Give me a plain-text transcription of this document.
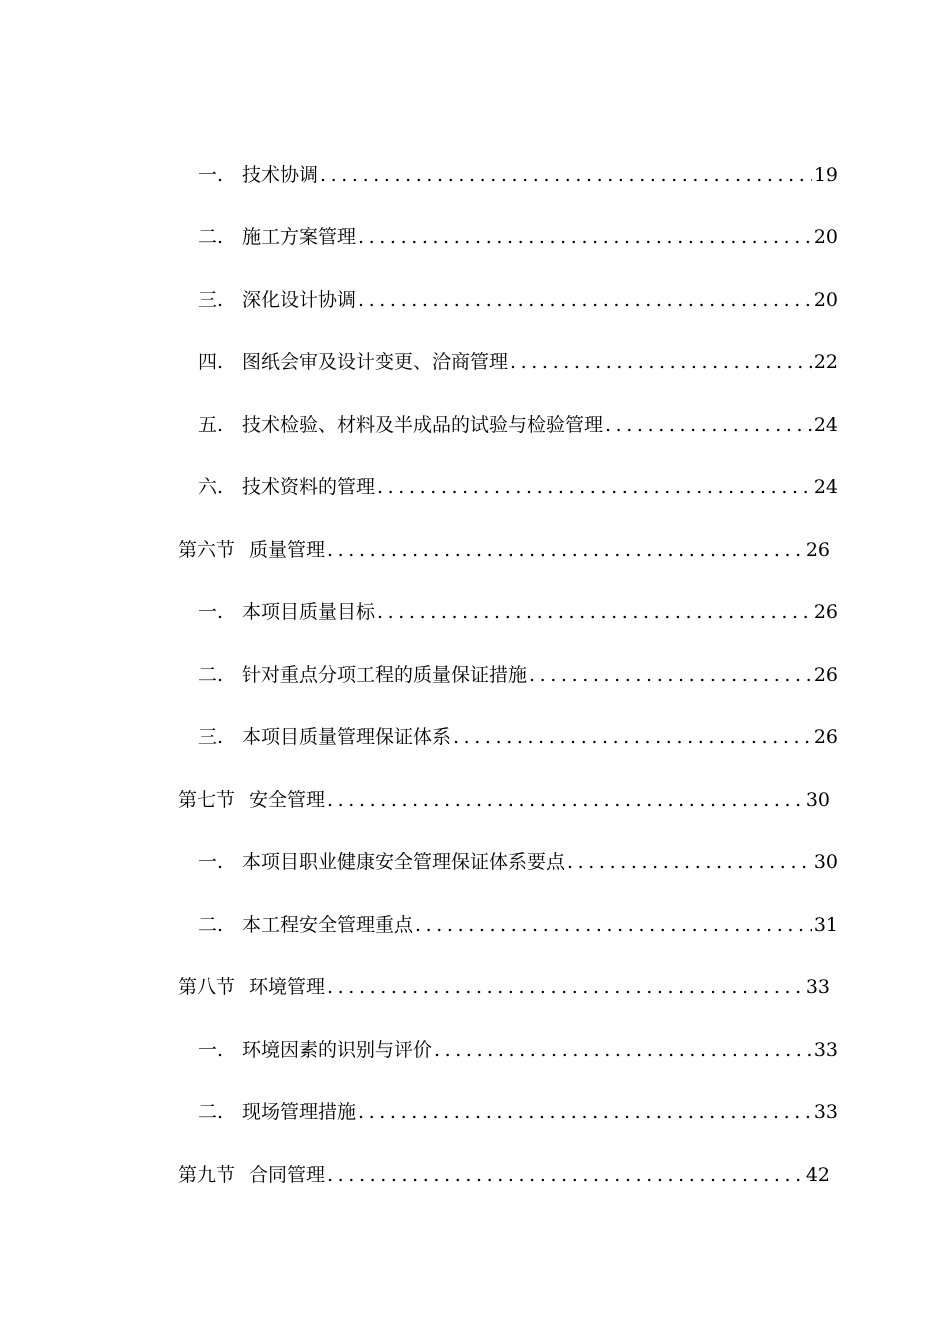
一. 技术协调 .....	19
二. 施工方案管理 .....	20
三. 深化设计协调 .....	20
四. 图纸会审及设计变更、洽商管理 .....	22
五. 技术检验、材料及半成品的试验与检验管理 .....	24
六. 技术资料的管理 .....	24
第六节 质量管理 .....	26
一. 本项目质量目标 .....	26
二. 针对重点分项工程的质量保证措施 .....	26
三. 本项目质量管理保证体系 .....	26
第七节 安全管理 .....	30
一. 本项目职业健康安全管理保证体系要点 .....	30
二. 本工程安全管理重点 .....	31
第八节 环境管理 .....	33
一. 环境因素的识别与评价 .....	33
二. 现场管理措施 .....	33
第九节 合同管理 .....	42
